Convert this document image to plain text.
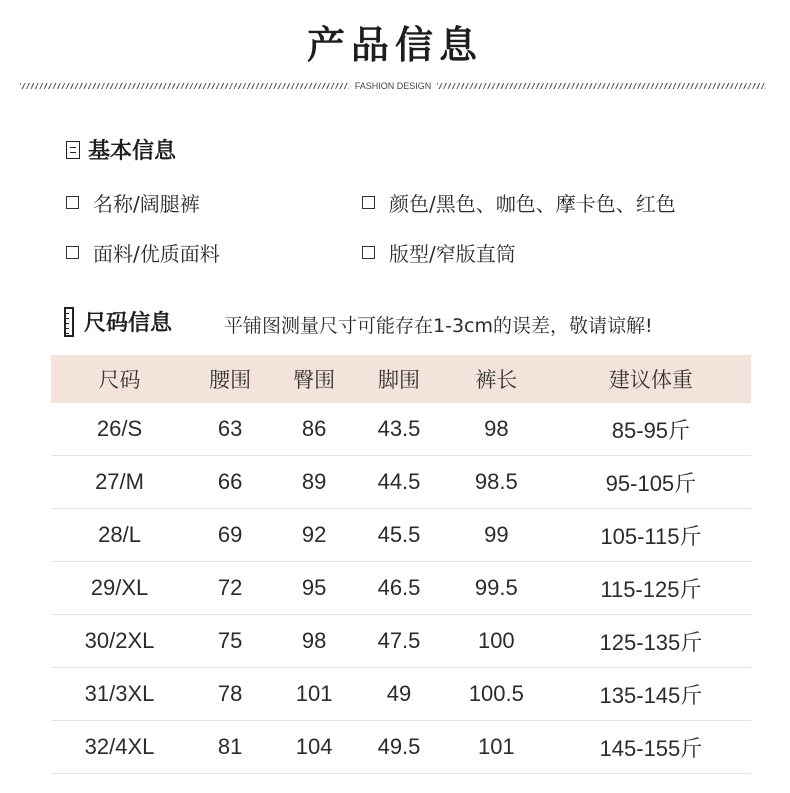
产品信息
FASHION DESIGN
基本信息
名称/阔腿裤	颜色/黑色、咖色、摩卡色、红色
面料/优质面料	版型/窄版直筒
尺码信息	平铺图测量尺寸可能存在1-3cm的误差，敬请谅解!
尺码	腰围	臀围	脚围	裤长	建议体重
26/S	63	86	43.5	98	85-95斤
27/M	66	89	44.5	98.5	95-105斤
28/L	69	92	45.5	99	105-115斤
29/XL	72	95	46.5	99.5	115-125斤
30/2XL	75	98	47.5	100	125-135斤
31/3XL	78	101	49	100.5	135-145斤
32/4XL	81	104	49.5	101	145-155斤
